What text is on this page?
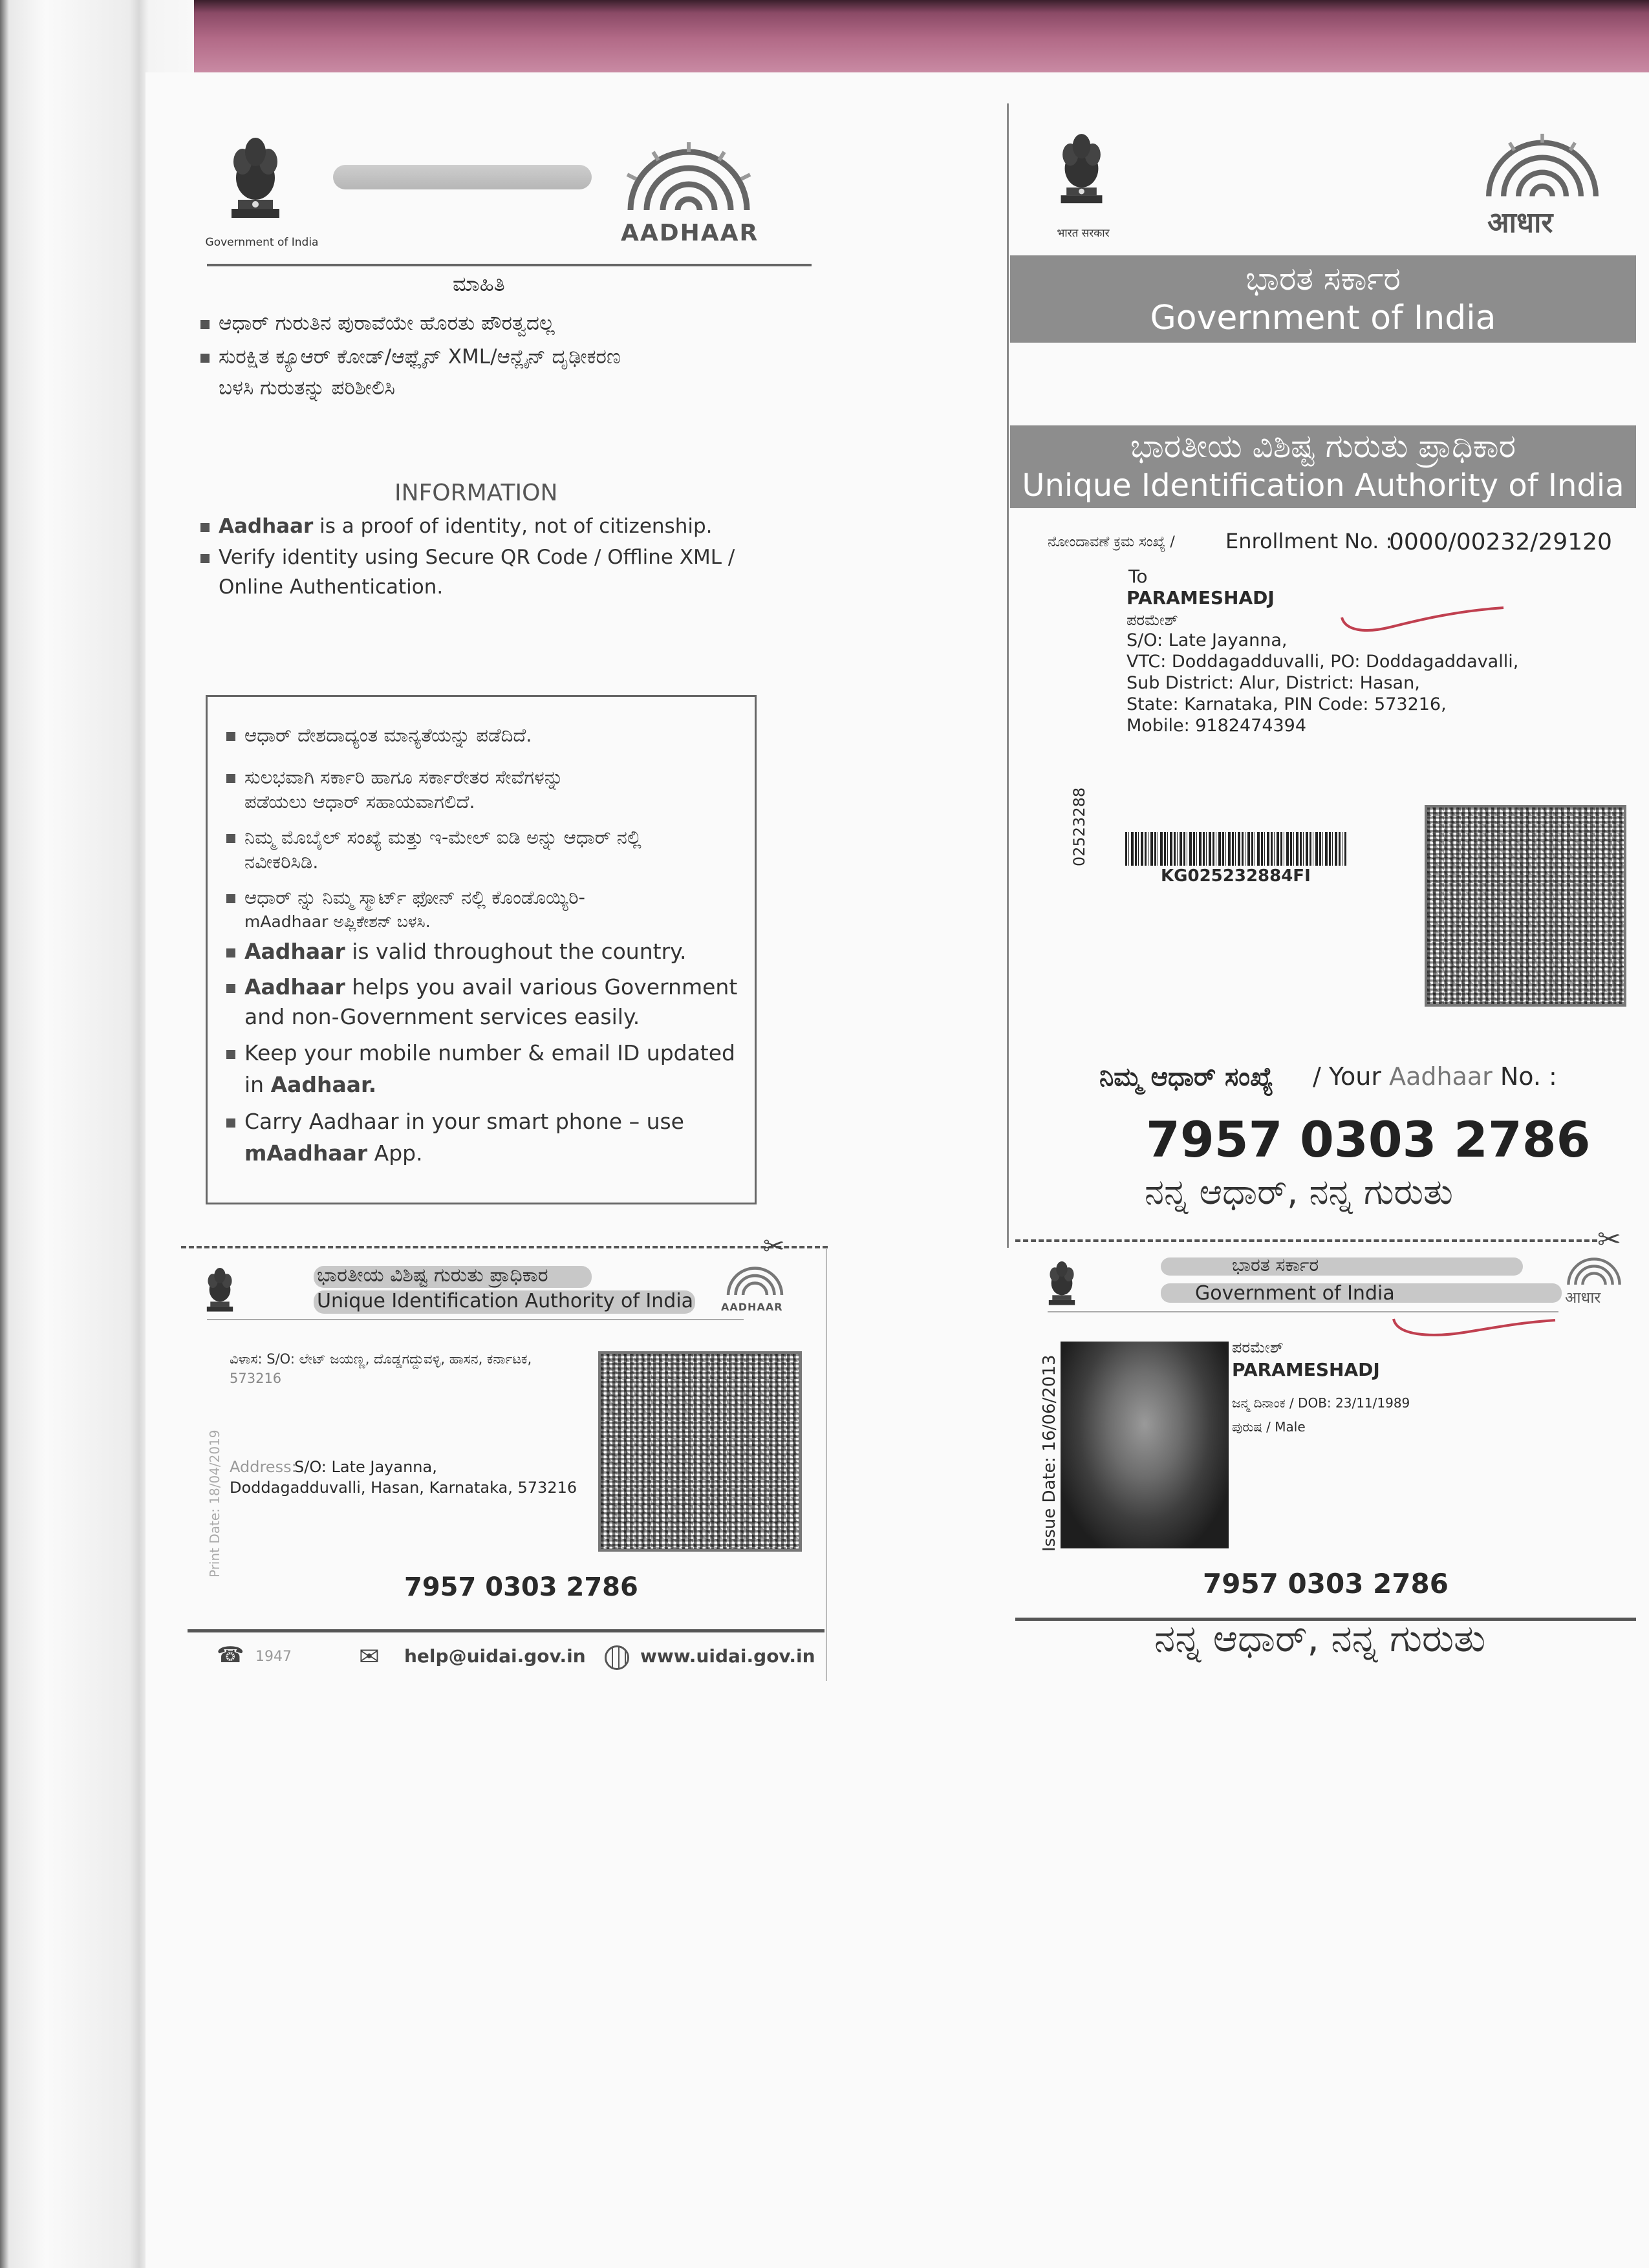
Government of India	AADHAAR
ಮಾಹಿತಿ
ಆಧಾರ್ ಗುರುತಿನ ಪುರಾವೆಯೇ ಹೊರತು ಪೌರತ್ವದಲ್ಲ
ಸುರಕ್ಷಿತ ಕ್ಯೂಆರ್ ಕೋಡ್/ಆಫ್ಲೈನ್ XML/ಆನ್ಲೈನ್ ದೃಢೀಕರಣ
ಬಳಸಿ ಗುರುತನ್ನು ಪರಿಶೀಲಿಸಿ
INFORMATION
Aadhaar is a proof of identity, not of citizenship.
Verify identity using Secure QR Code / Offline XML /
Online Authentication.
ಆಧಾರ್ ದೇಶದಾದ್ಯಂತ ಮಾನ್ಯತೆಯನ್ನು ಪಡೆದಿದೆ.
ಸುಲಭವಾಗಿ ಸರ್ಕಾರಿ ಹಾಗೂ ಸರ್ಕಾರೇತರ ಸೇವೆಗಳನ್ನು
ಪಡೆಯಲು ಆಧಾರ್ ಸಹಾಯವಾಗಲಿದೆ.
ನಿಮ್ಮ ಮೊಬೈಲ್ ಸಂಖ್ಯೆ ಮತ್ತು ಇ-ಮೇಲ್ ಐಡಿ ಅನ್ನು ಆಧಾರ್ ನಲ್ಲಿ
ನವೀಕರಿಸಿಡಿ.
ಆಧಾರ್ ನ್ನು ನಿಮ್ಮ ಸ್ಮಾರ್ಟ್ ಫೋನ್ ನಲ್ಲಿ ಕೊಂಡೊಯ್ಯಿರಿ-
mAadhaar ಅಪ್ಲಿಕೇಶನ್ ಬಳಸಿ.
Aadhaar is valid throughout the country.
Aadhaar helps you avail various Government
and non-Government services easily.
Keep your mobile number & email ID updated
in Aadhaar.
Carry Aadhaar in your smart phone – use
mAadhaar App.
✂
ಭಾರತೀಯ ವಿಶಿಷ್ಟ ಗುರುತು ಪ್ರಾಧಿಕಾರ
Unique Identification Authority of India	AADHAAR
ವಿಳಾಸ: S/O: ಲೇಟ್ ಜಯಣ್ಣ, ದೊಡ್ಡಗದ್ದುವಳ್ಳಿ, ಹಾಸನ, ಕರ್ನಾಟಕ,
573216
Address:
S/O: Late Jayanna,
Doddagadduvalli, Hasan, Karnataka, 573216
7957 0303 2786
☎ 1947	✉ help@uidai.gov.in	www.uidai.gov.in
भारत सरकार	आधार
ಭಾರತ ಸರ್ಕಾರ
Government of India
ಭಾರತೀಯ ವಿಶಿಷ್ಟ ಗುರುತು ಪ್ರಾಧಿಕಾರ
Unique Identification Authority of India
ನೋಂದಾವಣೆ ಕ್ರಮ ಸಂಖ್ಯೆ / Enrollment No. :
0000/00232/29120
To
PARAMESHADJ
ಪರಮೇಶ್
S/O: Late Jayanna,
VTC: Doddagadduvalli, PO: Doddagaddavalli,
Sub District: Alur, District: Hasan,
State: Karnataka, PIN Code: 573216,
Mobile: 9182474394
02523288
KG025232884FI
ನಿಮ್ಮ ಆಧಾರ್ ಸಂಖ್ಯೆ / Your Aadhaar No. :
7957 0303 2786
ನನ್ನ ಆಧಾರ್, ನನ್ನ ಗುರುತು
✂
ಭಾರತ ಸರ್ಕಾರ
Government of India	आधार
Issue Date: 16/06/2013
ಪರಮೇಶ್
PARAMESHADJ
ಜನ್ಮ ದಿನಾಂಕ / DOB: 23/11/1989
ಪುರುಷ / Male
7957 0303 2786
ನನ್ನ ಆಧಾರ್, ನನ್ನ ಗುರುತು
